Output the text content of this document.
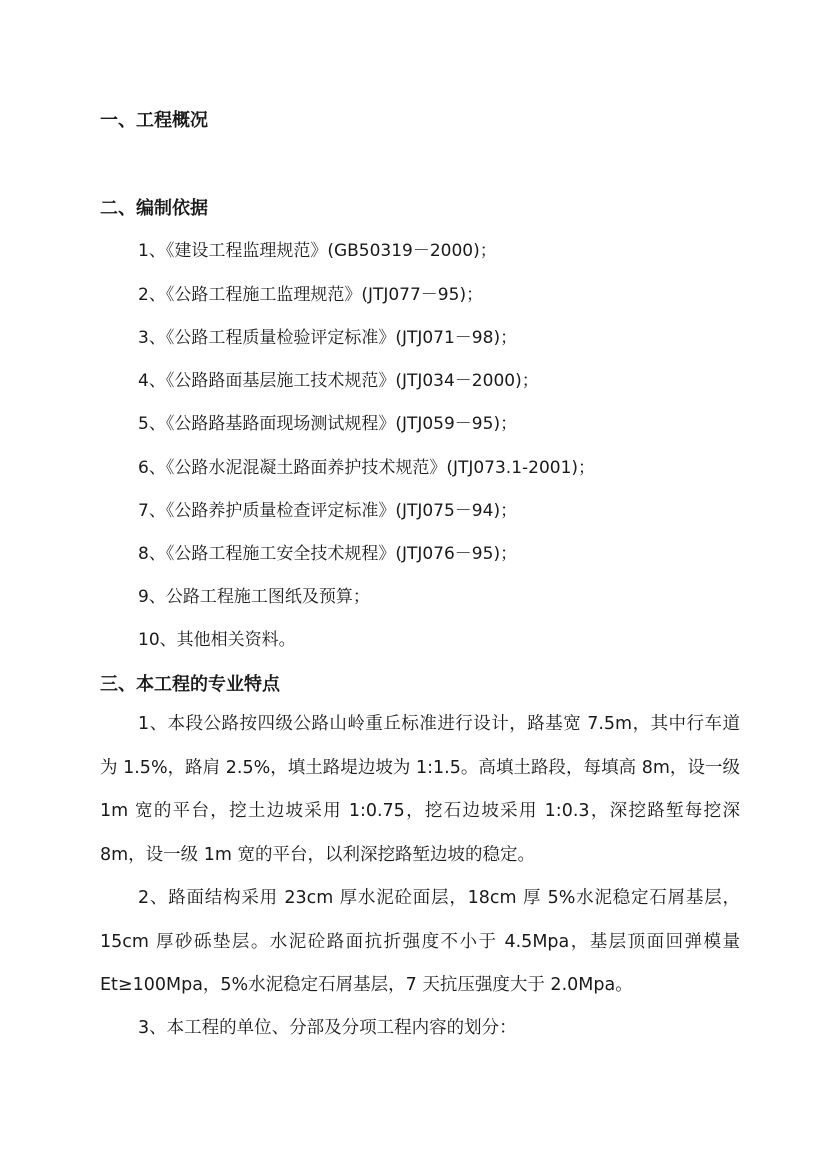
一、工程概况
二、编制依据
1、《建设工程监理规范》(GB50319－2000)；
2、《公路工程施工监理规范》(JTJ077－95)；
3、《公路工程质量检验评定标准》(JTJ071－98)；
4、《公路路面基层施工技术规范》(JTJ034－2000)；
5、《公路路基路面现场测试规程》(JTJ059－95)；
6、《公路水泥混凝土路面养护技术规范》(JTJ073.1-2001)；
7、《公路养护质量检查评定标准》(JTJ075－94)；
8、《公路工程施工安全技术规程》(JTJ076－95)；
9、公路工程施工图纸及预算；
10、其他相关资料。
三、本工程的专业特点

1、本段公路按四级公路山岭重丘标准进行设计，路基宽 7.5m，其中行车道为 1.5%，路肩 2.5%，填土路堤边坡为 1:1.5。高填土路段，每填高 8m，设一级 1m 宽的平台，挖土边坡采用 1:0.75，挖石边坡采用 1:0.3，深挖路堑每挖深 8m，设一级 1m 宽的平台，以利深挖路堑边坡的稳定。

2、路面结构采用 23cm 厚水泥砼面层，18cm 厚 5%水泥稳定石屑基层，15cm 厚砂砾垫层。水泥砼路面抗折强度不小于 4.5Mpa，基层顶面回弹模量 Et≥100Mpa，5%水泥稳定石屑基层，7 天抗压强度大于 2.0Mpa。

3、本工程的单位、分部及分项工程内容的划分：
